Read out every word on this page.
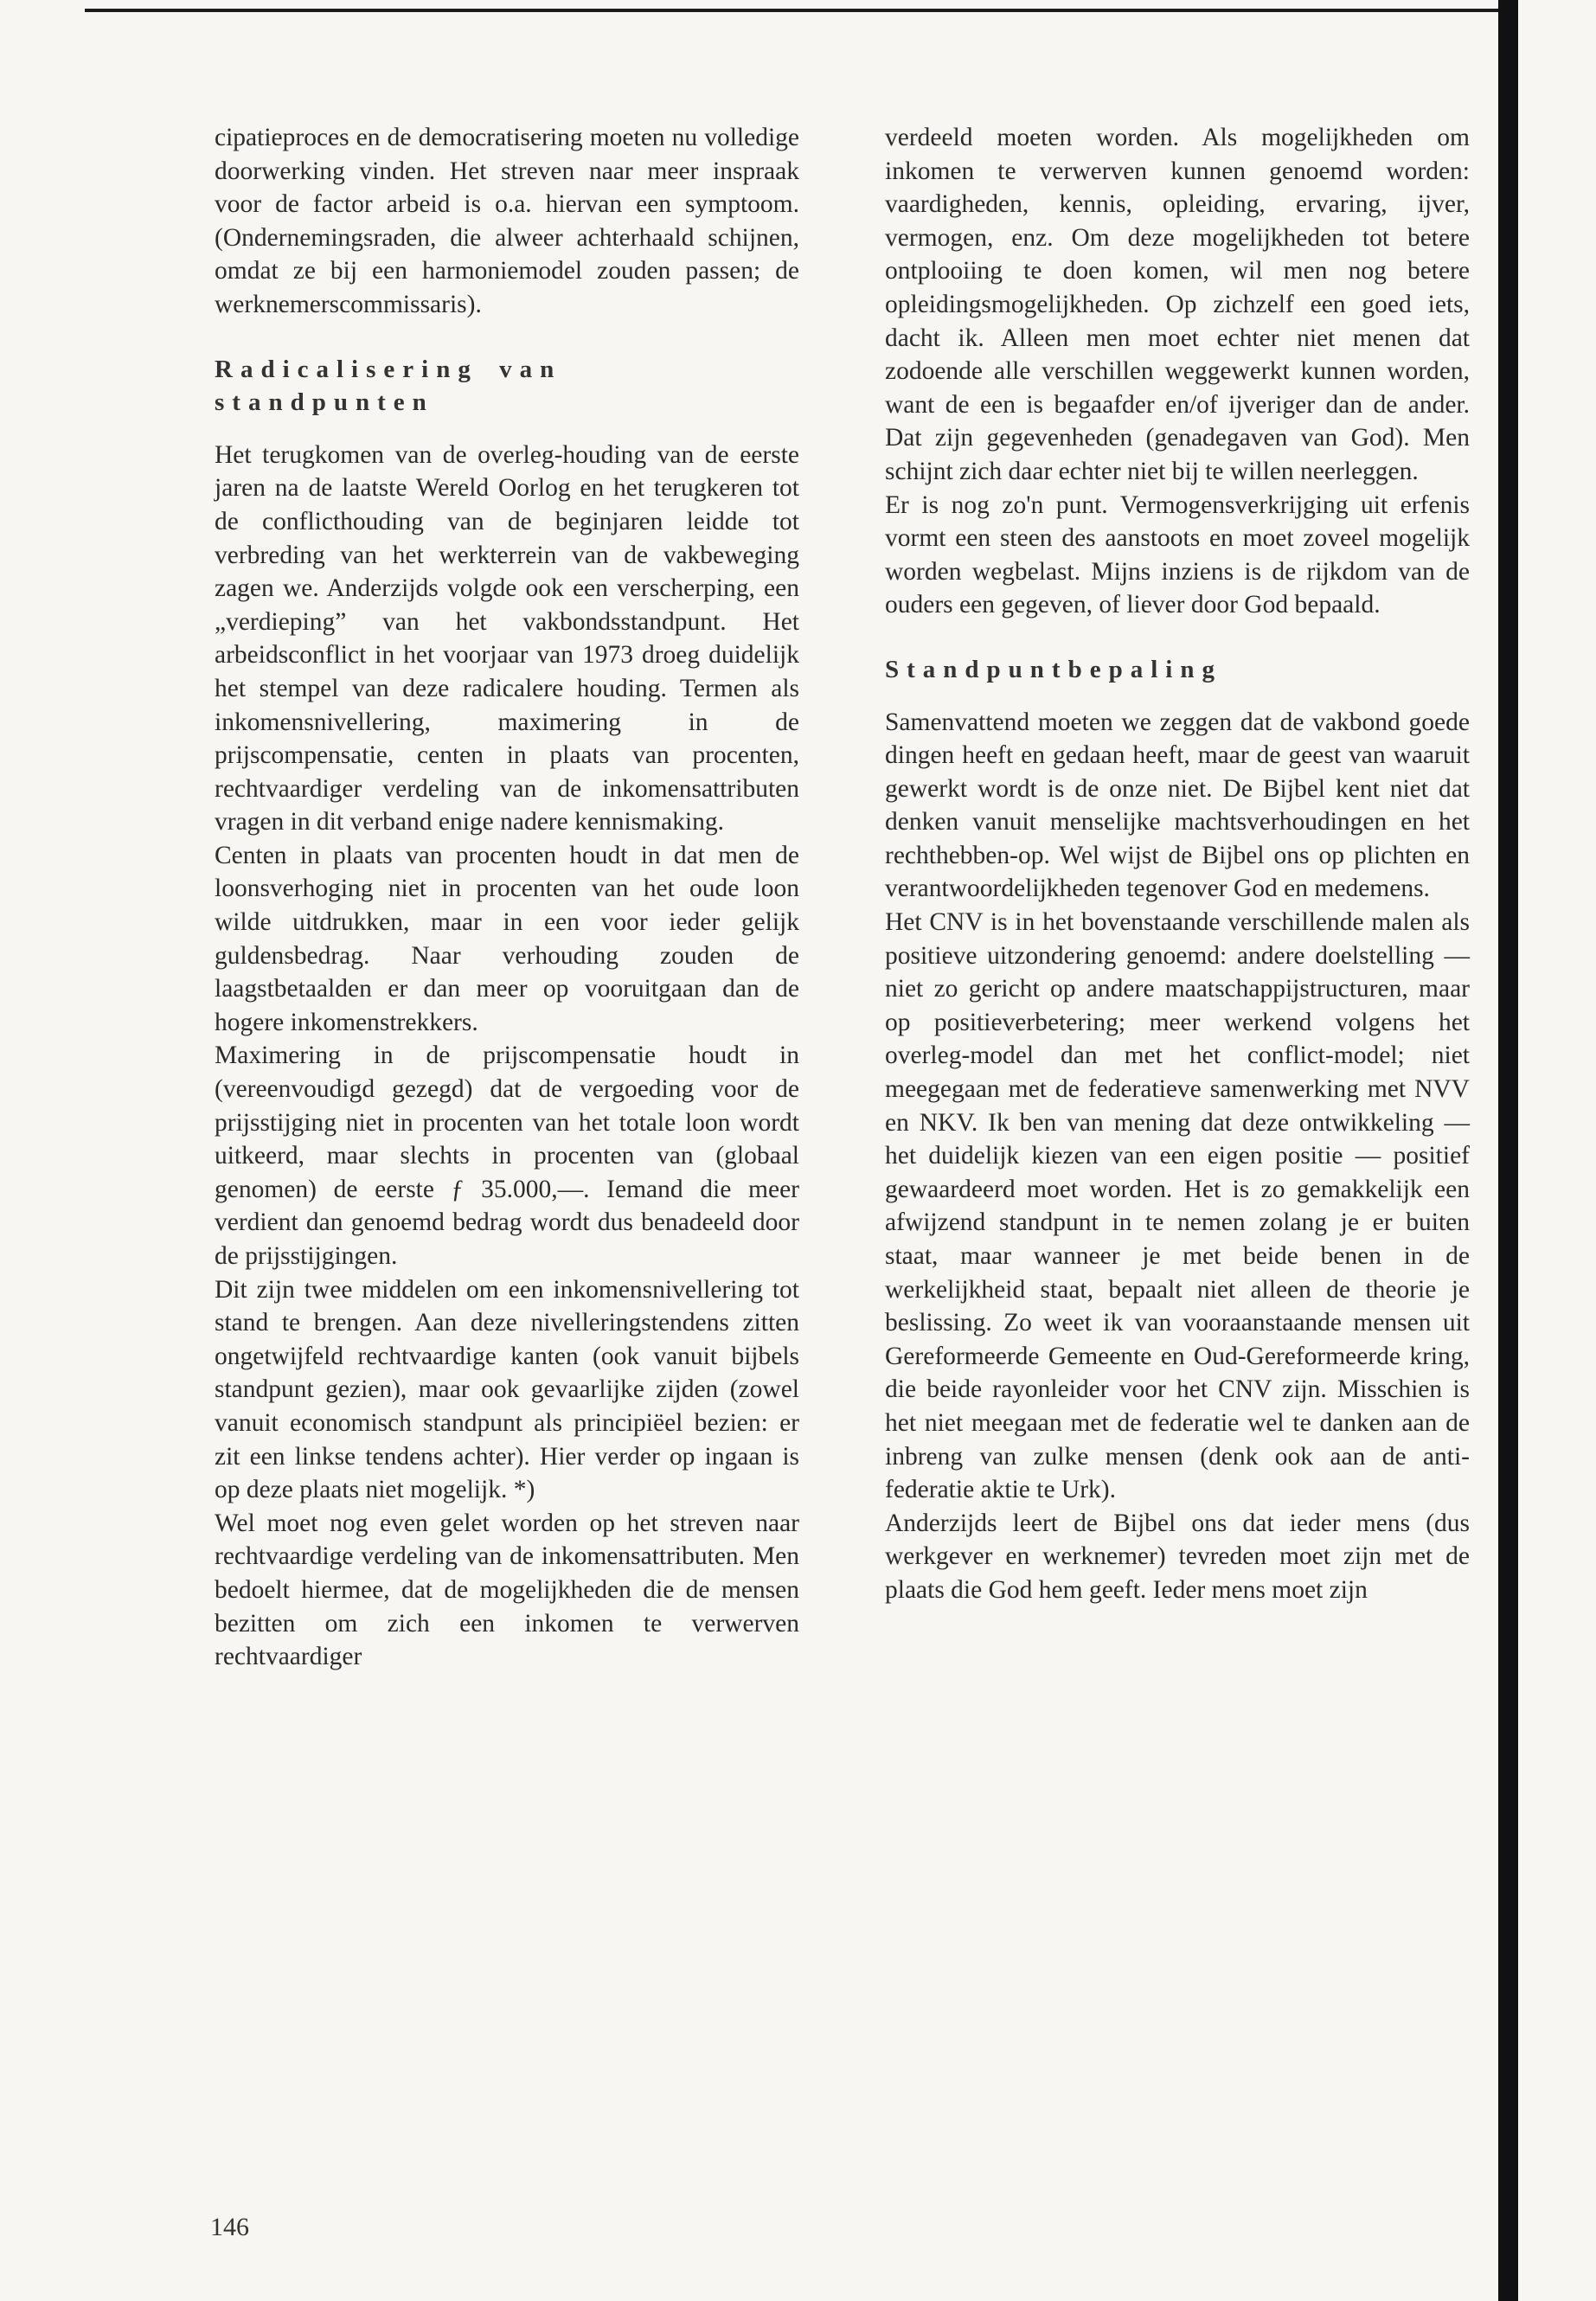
cipatieproces en de democratisering moeten nu volledige doorwerking vinden. Het streven naar meer inspraak voor de factor arbeid is o.a. hiervan een symptoom. (Ondernemingsraden, die alweer achterhaald schijnen, omdat ze bij een harmoniemodel zouden passen; de werknemerscommissaris).

Radicalisering van standpunten

Het terugkomen van de overleg-houding van de eerste jaren na de laatste Wereld Oorlog en het terugkeren tot de conflicthouding van de beginjaren leidde tot verbreding van het werkterrein van de vakbeweging zagen we. Anderzijds volgde ook een verscherping, een „verdieping” van het vakbondsstandpunt. Het arbeidsconflict in het voorjaar van 1973 droeg duidelijk het stempel van deze radicalere houding. Termen als inkomensnivellering, maximering in de prijscompensatie, centen in plaats van procenten, rechtvaardiger verdeling van de inkomensattributen vragen in dit verband enige nadere kennismaking.

Centen in plaats van procenten houdt in dat men de loonsverhoging niet in procenten van het oude loon wilde uitdrukken, maar in een voor ieder gelijk guldensbedrag. Naar verhouding zouden de laagstbetaalden er dan meer op vooruitgaan dan de hogere inkomenstrekkers.

Maximering in de prijscompensatie houdt in (vereenvoudigd gezegd) dat de vergoeding voor de prijsstijging niet in procenten van het totale loon wordt uitkeerd, maar slechts in procenten van (globaal genomen) de eerste ƒ 35.000,—. Iemand die meer verdient dan genoemd bedrag wordt dus benadeeld door de prijsstijgingen.

Dit zijn twee middelen om een inkomensnivellering tot stand te brengen. Aan deze nivelleringstendens zitten ongetwijfeld rechtvaardige kanten (ook vanuit bijbels standpunt gezien), maar ook gevaarlijke zijden (zowel vanuit economisch standpunt als principiëel bezien: er zit een linkse tendens achter). Hier verder op ingaan is op deze plaats niet mogelijk. *)

Wel moet nog even gelet worden op het streven naar rechtvaardige verdeling van de inkomensattributen. Men bedoelt hiermee, dat de mogelijkheden die de mensen bezitten om zich een inkomen te verwerven rechtvaardiger

verdeeld moeten worden. Als mogelijkheden om inkomen te verwerven kunnen genoemd worden: vaardigheden, kennis, opleiding, ervaring, ijver, vermogen, enz. Om deze mogelijkheden tot betere ontplooiing te doen komen, wil men nog betere opleidingsmogelijkheden. Op zichzelf een goed iets, dacht ik. Alleen men moet echter niet menen dat zodoende alle verschillen weggewerkt kunnen worden, want de een is begaafder en/of ijveriger dan de ander. Dat zijn gegevenheden (genadegaven van God). Men schijnt zich daar echter niet bij te willen neerleggen.

Er is nog zo'n punt. Vermogensverkrijging uit erfenis vormt een steen des aanstoots en moet zoveel mogelijk worden wegbelast. Mijns inziens is de rijkdom van de ouders een gegeven, of liever door God bepaald.

Standpuntbepaling

Samenvattend moeten we zeggen dat de vakbond goede dingen heeft en gedaan heeft, maar de geest van waaruit gewerkt wordt is de onze niet. De Bijbel kent niet dat denken vanuit menselijke machtsverhoudingen en het rechthebben-op. Wel wijst de Bijbel ons op plichten en verantwoordelijkheden tegenover God en medemens.

Het CNV is in het bovenstaande verschillende malen als positieve uitzondering genoemd: andere doelstelling — niet zo gericht op andere maatschappijstructuren, maar op positieverbetering; meer werkend volgens het overleg-model dan met het conflict-model; niet meegegaan met de federatieve samenwerking met NVV en NKV. Ik ben van mening dat deze ontwikkeling — het duidelijk kiezen van een eigen positie — positief gewaardeerd moet worden. Het is zo gemakkelijk een afwijzend standpunt in te nemen zolang je er buiten staat, maar wanneer je met beide benen in de werkelijkheid staat, bepaalt niet alleen de theorie je beslissing. Zo weet ik van vooraanstaande mensen uit Gereformeerde Gemeente en Oud-Gereformeerde kring, die beide rayonleider voor het CNV zijn. Misschien is het niet meegaan met de federatie wel te danken aan de inbreng van zulke mensen (denk ook aan de anti-federatie aktie te Urk).

Anderzijds leert de Bijbel ons dat ieder mens (dus werkgever en werknemer) tevreden moet zijn met de plaats die God hem geeft. Ieder mens moet zijn

146
